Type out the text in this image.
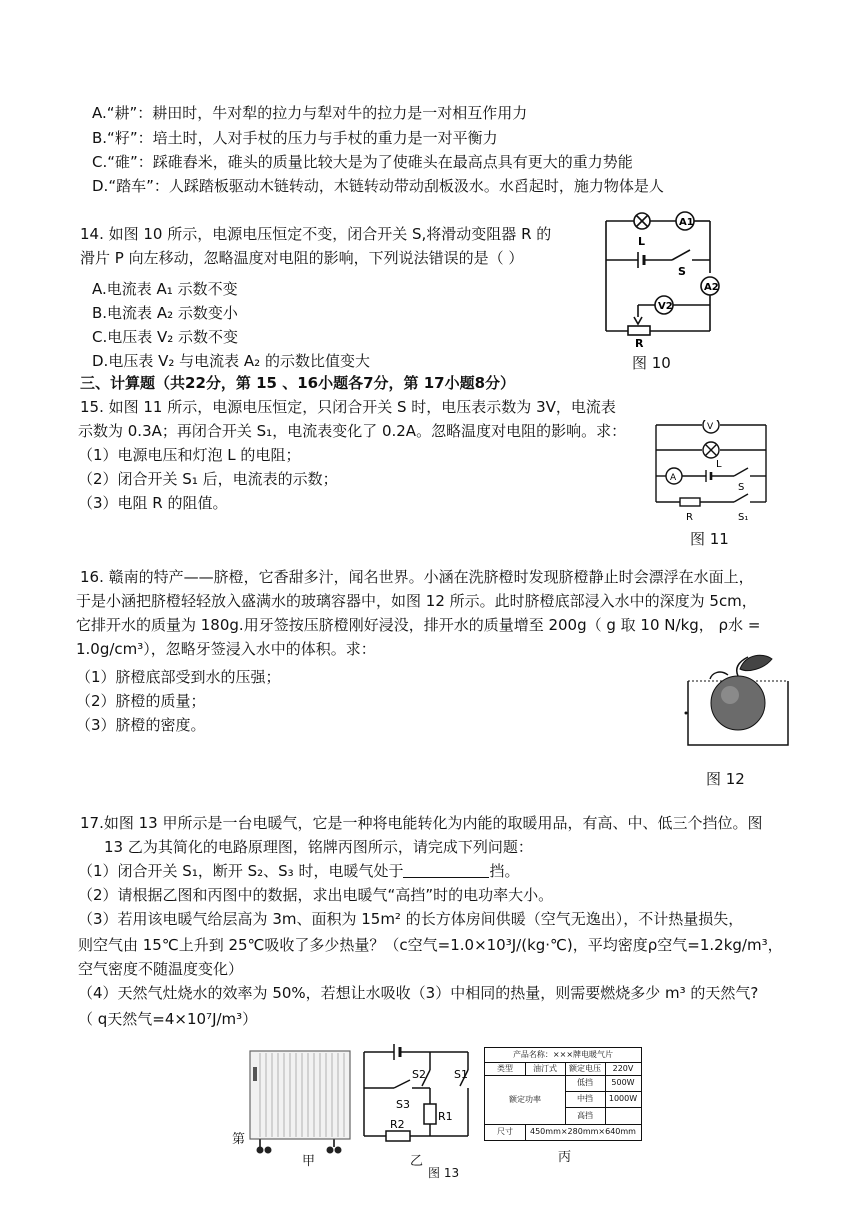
A.“耕”：耕田时，牛对犁的拉力与犁对牛的拉力是一对相互作用力
B.“籽”：培土时，人对手杖的压力与手杖的重力是一对平衡力
C.“碓”：踩碓舂米，碓头的质量比较大是为了使碓头在最高点具有更大的重力势能
D.“踏车”：人踩踏板驱动木链转动，木链转动带动刮板汲水。水舀起时，施力物体是人
14. 如图 10 所示，电源电压恒定不变，闭合开关 S,将滑动变阻器 R 的
滑片 P 向左移动，忽略温度对电阻的影响，下列说法错误的是（ ）
A.电流表 A₁ 示数不变
B.电流表 A₂ 示数变小
C.电压表 V₂ 示数不变
D.电压表 V₂ 与电流表 A₂ 的示数比值变大
L
A1
S
A2
V2
R
图 10
三、计算题（共22分，第 15 、16小题各7分，第 17小题8分）
15. 如图 11 所示，电源电压恒定，只闭合开关 S 时，电压表示数为 3V，电流表
示数为 0.3A；再闭合开关 S₁，电流表变化了 0.2A。忽略温度对电阻的影响。求：
（1）电源电压和灯泡 L 的电阻；
（2）闭合开关 S₁ 后，电流表的示数；
（3）电阻 R 的阻值。
V
A
L
S
R	S₁
图 11
16. 赣南的特产——脐橙，它香甜多汁，闻名世界。小涵在洗脐橙时发现脐橙静止时会漂浮在水面上，
于是小涵把脐橙轻轻放入盛满水的玻璃容器中，如图 12 所示。此时脐橙底部浸入水中的深度为 5cm，
它排开水的质量为 180g.用牙签按压脐橙刚好浸没，排开水的质量增至 200g（ g 取 10 N/kg， ρ水 =
1.0g/cm³），忽略牙签浸入水中的体积。求：
（1）脐橙底部受到水的压强；
（2）脐橙的质量；
（3）脐橙的密度。
图 12
17.如图 13 甲所示是一台电暖气，它是一种将电能转化为内能的取暖用品，有高、中、低三个挡位。图
13 乙为其简化的电路原理图，铭牌丙图所示，请完成下列问题：
（1）闭合开关 S₁，断开 S₂、S₃ 时，电暖气处于	挡。
（2）请根据乙图和丙图中的数据，求出电暖气“高挡”时的电功率大小。
（3）若用该电暖气给层高为 3m、面积为 15m² 的长方体房间供暖（空气无逸出），不计热量损失，
则空气由 15℃上升到 25℃吸收了多少热量？（c空气=1.0×10³J/(kg·℃)，平均密度ρ空气=1.2kg/m³，
空气密度不随温度变化）
（4）天然气灶烧水的效率为 50%，若想让水吸收（3）中相同的热量，则需要燃烧多少 m³ 的天然气?
（ q天然气=4×10⁷J/m³）
第
甲
S2	S1
S3
R1
R2
乙
产品名称：×××牌电暖气片
类型	油汀式	额定电压	220V
额定功率
低挡	500W
中挡	1000W
高挡
尺寸	450mm×280mm×640mm
丙
图 13
